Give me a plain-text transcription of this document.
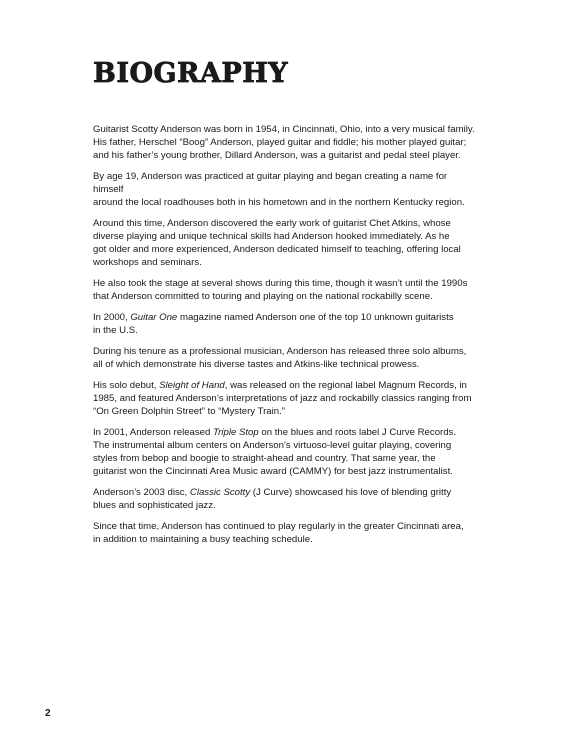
BIOGRAPHY

Guitarist Scotty Anderson was born in 1954, in Cincinnati, Ohio, into a very musical family.
His father, Herschel “Boog” Anderson, played guitar and fiddle; his mother played guitar;
and his father’s young brother, Dillard Anderson, was a guitarist and pedal steel player.

By age 19, Anderson was practiced at guitar playing and began creating a name for himself
around the local roadhouses both in his hometown and in the northern Kentucky region.

Around this time, Anderson discovered the early work of guitarist Chet Atkins, whose
diverse playing and unique technical skills had Anderson hooked immediately. As he
got older and more experienced, Anderson dedicated himself to teaching, offering local
workshops and seminars.

He also took the stage at several shows during this time, though it wasn’t until the 1990s
that Anderson committed to touring and playing on the national rockabilly scene.

In 2000, Guitar One magazine named Anderson one of the top 10 unknown guitarists
in the U.S.

During his tenure as a professional musician, Anderson has released three solo albums,
all of which demonstrate his diverse tastes and Atkins-like technical prowess.

His solo debut, Sleight of Hand, was released on the regional label Magnum Records, in
1985, and featured Anderson’s interpretations of jazz and rockabilly classics ranging from
“On Green Dolphin Street” to “Mystery Train.”

In 2001, Anderson released Triple Stop on the blues and roots label J Curve Records.
The instrumental album centers on Anderson’s virtuoso-level guitar playing, covering
styles from bebop and boogie to straight-ahead and country. That same year, the
guitarist won the Cincinnati Area Music award (CAMMY) for best jazz instrumentalist.

Anderson’s 2003 disc, Classic Scotty (J Curve) showcased his love of blending gritty
blues and sophisticated jazz.

Since that time, Anderson has continued to play regularly in the greater Cincinnati area,
in addition to maintaining a busy teaching schedule.

2
